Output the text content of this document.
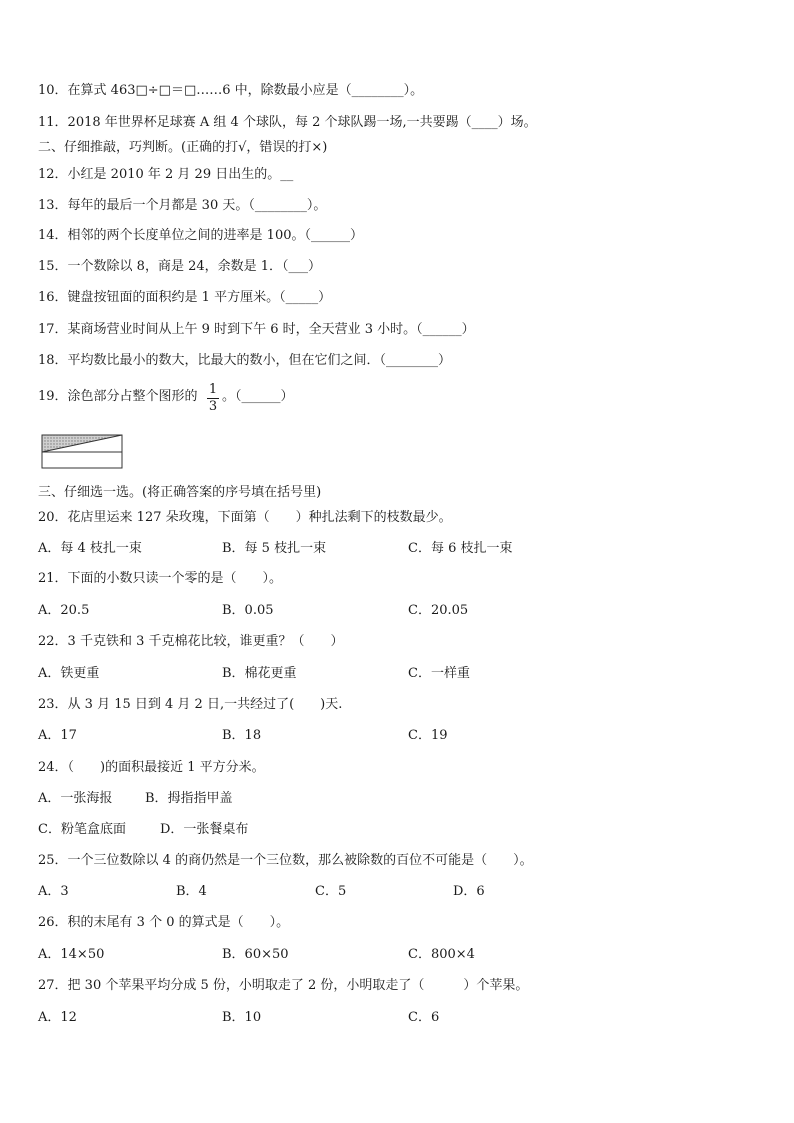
10．在算式 463□÷□＝□……6 中，除数最小应是（________）。
11．2018 年世界杯足球赛 A 组 4 个球队，每 2 个球队踢一场,一共要踢（____）场。
二、仔细推敲，巧判断。(正确的打√，错误的打×)
12．小红是 2010 年 2 月 29 日出生的。__
13．每年的最后一个月都是 30 天。（________）。
14．相邻的两个长度单位之间的进率是 100。（______）
15．一个数除以 8，商是 24，余数是 1．（___）
16．键盘按钮面的面积约是 1 平方厘米。（_____）
17．某商场营业时间从上午 9 时到下午 6 时，全天营业 3 小时。（______）
18．平均数比最小的数大，比最大的数小，但在它们之间．（________）
19．涂色部分占整个图形的 1
3
。（______）
三、仔细选一选。(将正确答案的序号填在括号里)
20．花店里运来 127 朵玫瑰，下面第（　　）种扎法剩下的枝数最少。
A．每 4 枝扎一束	B．每 5 枝扎一束	C．每 6 枝扎一束
21．下面的小数只读一个零的是（　　）。
A．20.5	B．0.05	C．20.05
22．3 千克铁和 3 千克棉花比较，谁更重？（　　）
A．铁更重	B．棉花更重	C．一样重
23．从 3 月 15 日到 4 月 2 日,一共经过了(　　)天.
A．17	B．18	C．19
24．（　　)的面积最接近 1 平方分米。
A．一张海报	B．拇指指甲盖
C．粉笔盒底面	D．一张餐桌布
25．一个三位数除以 4 的商仍然是一个三位数，那么被除数的百位不可能是（　　）。
A．3	B．4	C．5	D．6
26．积的末尾有 3 个 0 的算式是（　　）。
A．14×50	B．60×50	C．800×4
27．把 30 个苹果平均分成 5 份，小明取走了 2 份，小明取走了（　　　）个苹果。
A．12	B．10	C．6
